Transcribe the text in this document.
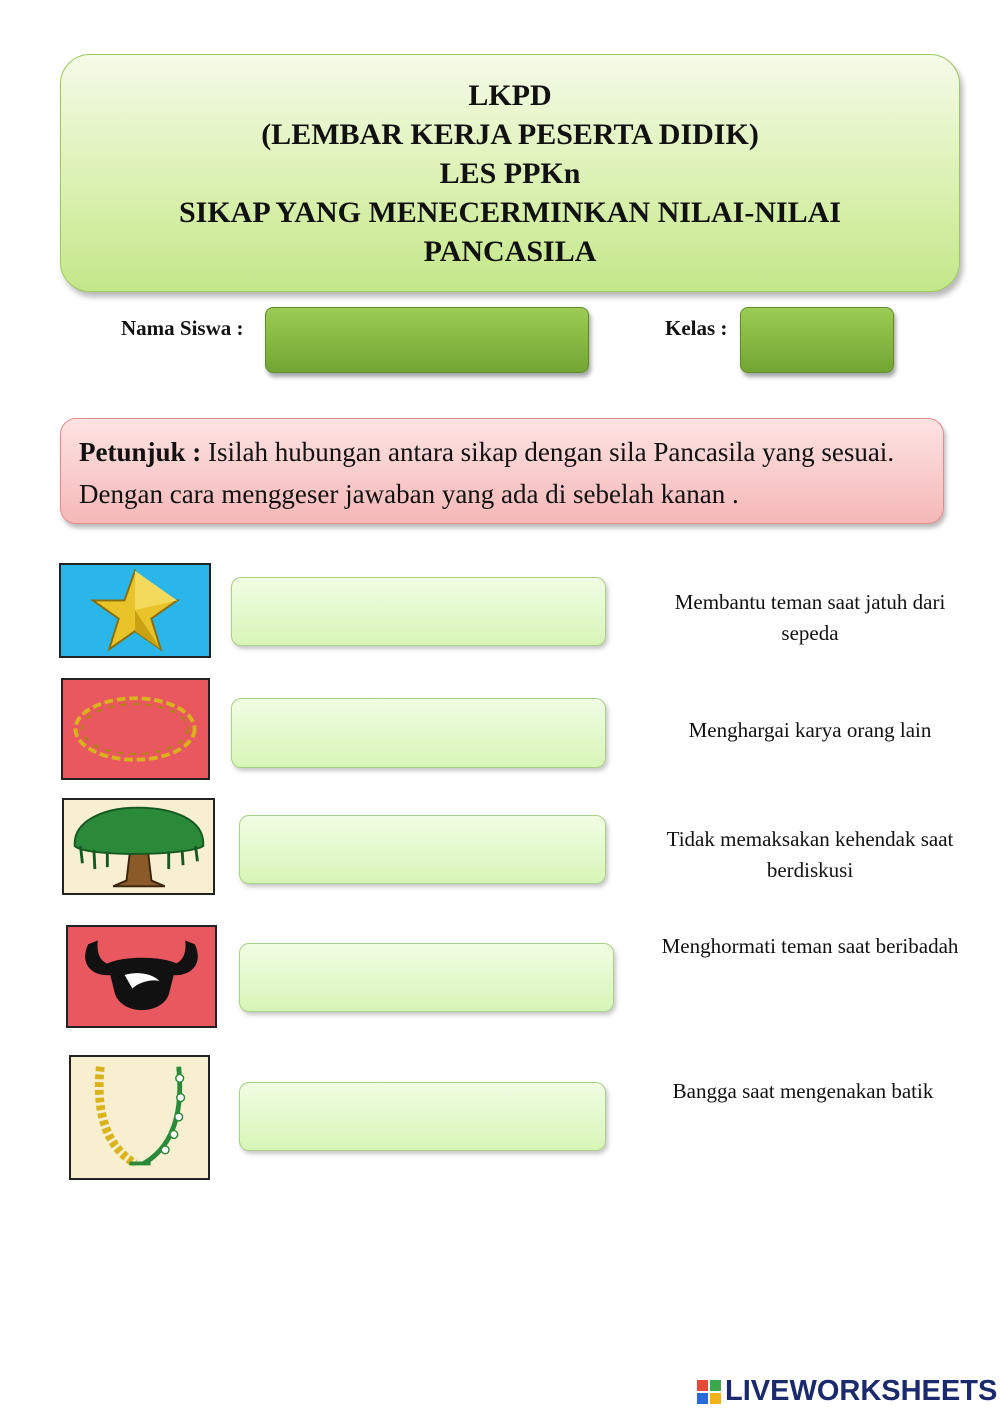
LKPD
(LEMBAR KERJA PESERTA DIDIK)
LES PPKn
SIKAP YANG MENECERMINKAN NILAI-NILAI
PANCASILA
Nama Siswa :	Kelas :
Petunjuk : Isilah hubungan antara sikap dengan sila Pancasila yang sesuai. Dengan cara menggeser jawaban yang ada di sebelah kanan .
Membantu teman saat jatuh dari sepeda
Menghargai karya orang lain
Tidak memaksakan kehendak saat berdiskusi
Menghormati teman saat beribadah
Bangga saat mengenakan batik
LIVEWORKSHEETS
